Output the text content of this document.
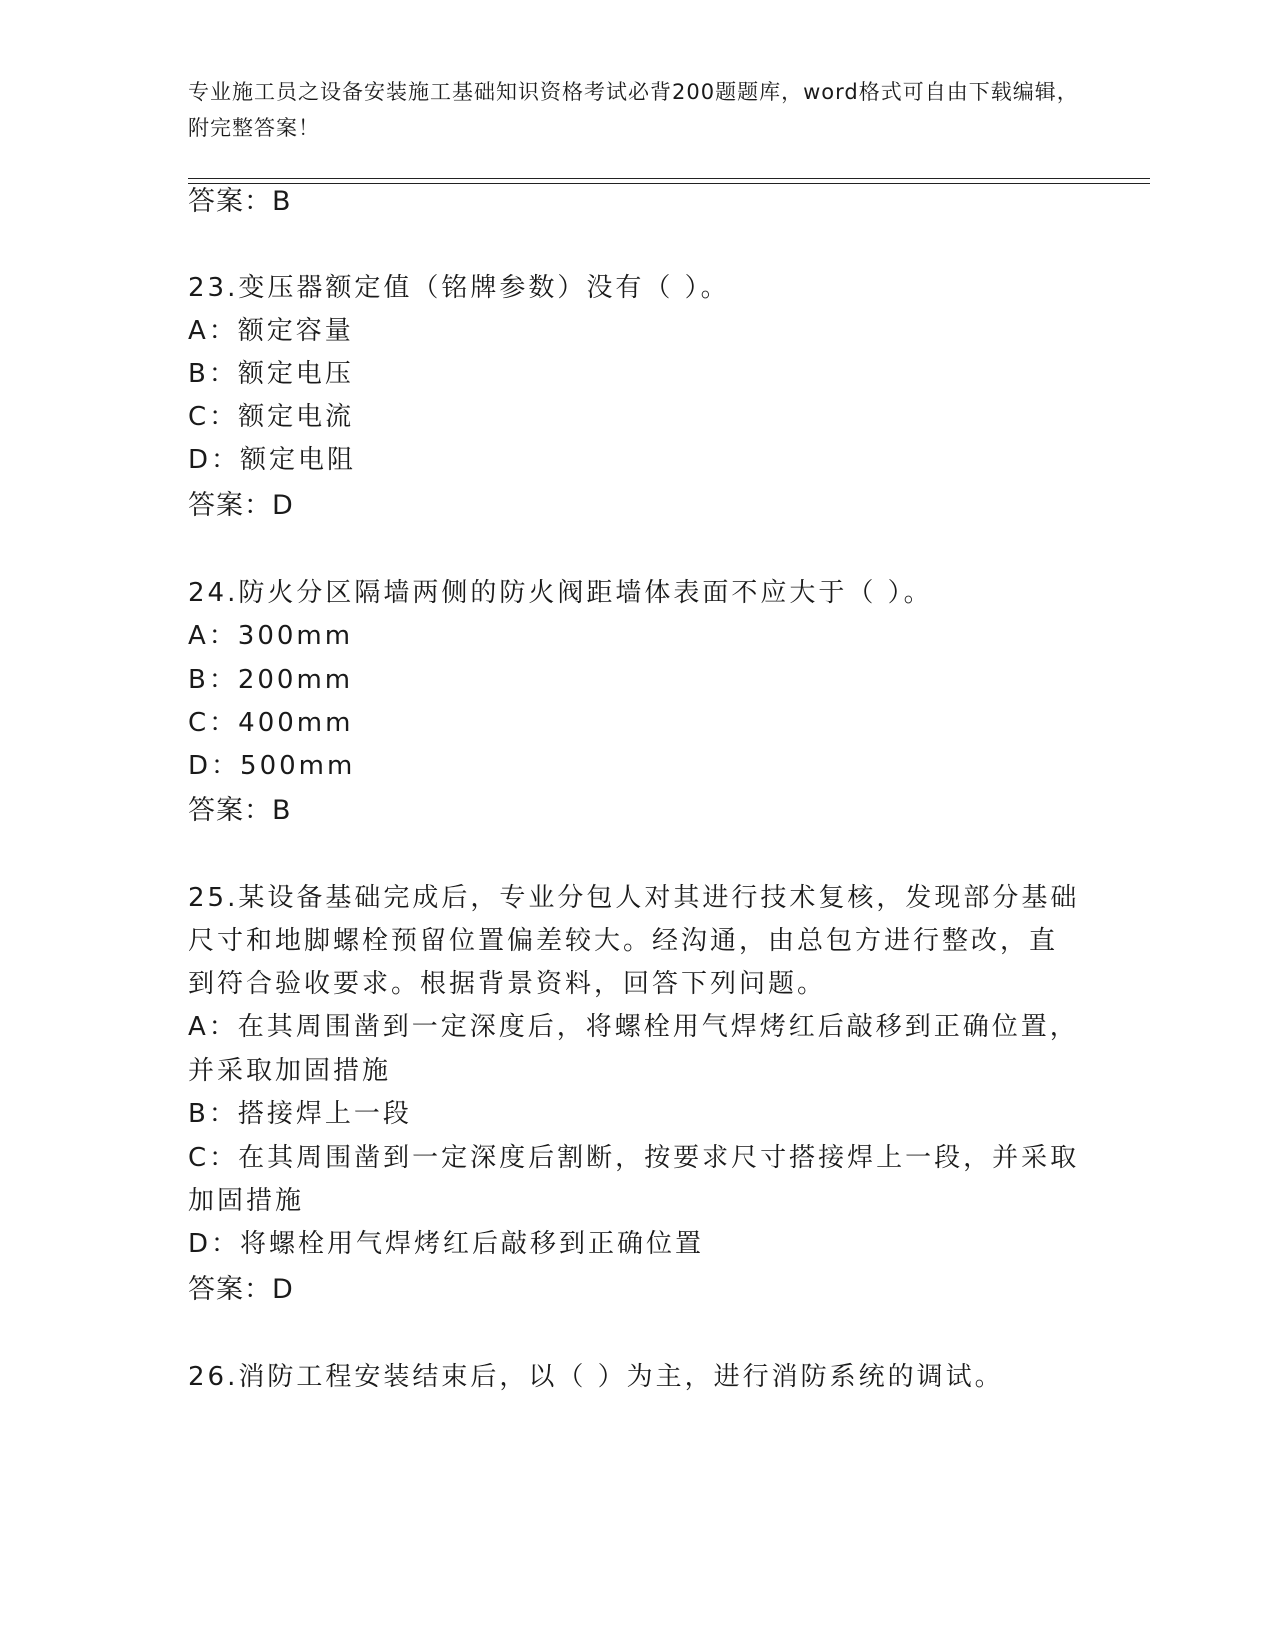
专业施工员之设备安装施工基础知识资格考试必背200题题库，word格式可自由下载编辑，附完整答案！
答案：B
23.变压器额定值（铭牌参数）没有（ ）。
A：额定容量
B：额定电压
C：额定电流
D：额定电阻
答案：D
24.防火分区隔墙两侧的防火阀距墙体表面不应大于（ ）。
A：300mm
B：200mm
C：400mm
D：500mm
答案：B
25.某设备基础完成后，专业分包人对其进行技术复核，发现部分基础
尺寸和地脚螺栓预留位置偏差较大。经沟通，由总包方进行整改，直
到符合验收要求。根据背景资料，回答下列问题。
A：在其周围凿到一定深度后，将螺栓用气焊烤红后敲移到正确位置，
并采取加固措施
B：搭接焊上一段
C：在其周围凿到一定深度后割断，按要求尺寸搭接焊上一段，并采取
加固措施
D：将螺栓用气焊烤红后敲移到正确位置
答案：D
26.消防工程安装结束后，以（ ）为主，进行消防系统的调试。
